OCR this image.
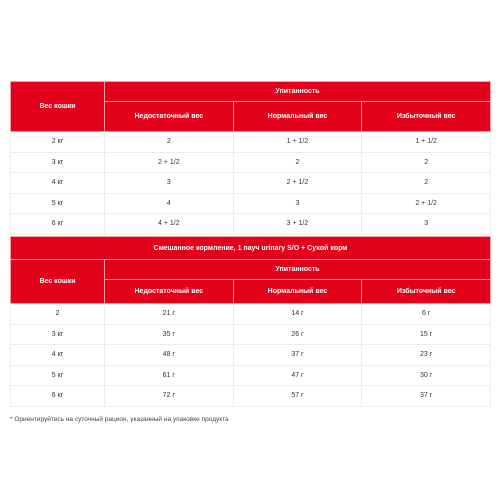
Вес кошки	Упитанность		
	Недостаточный вес	Нормальный вес	Избыточный вес
2 кг	2	1 + 1/2	1 + 1/2
3 кг	2 + 1/2	2	2
4 кг	3	2 + 1/2	2
5 кг	4	3	2 + 1/2
6 кг	4 + 1/2	3 + 1/2	3
Смешанное кормление, 1 пауч urinary S/O + Сухой корм			
Вес кошки	Упитанность		
	Недостаточный вес	Нормальный вес	Избыточный вес
2	21 г	14 г	6 г
3 кг	35 г	26 г	15 г
4 кг	48 г	37 г	23 г
5 кг	61 г	47 г	30 г
6 кг	72 г	57 г	37 г
* Ориентируйтесь на суточный рацион, указанный на упаковке продукта
